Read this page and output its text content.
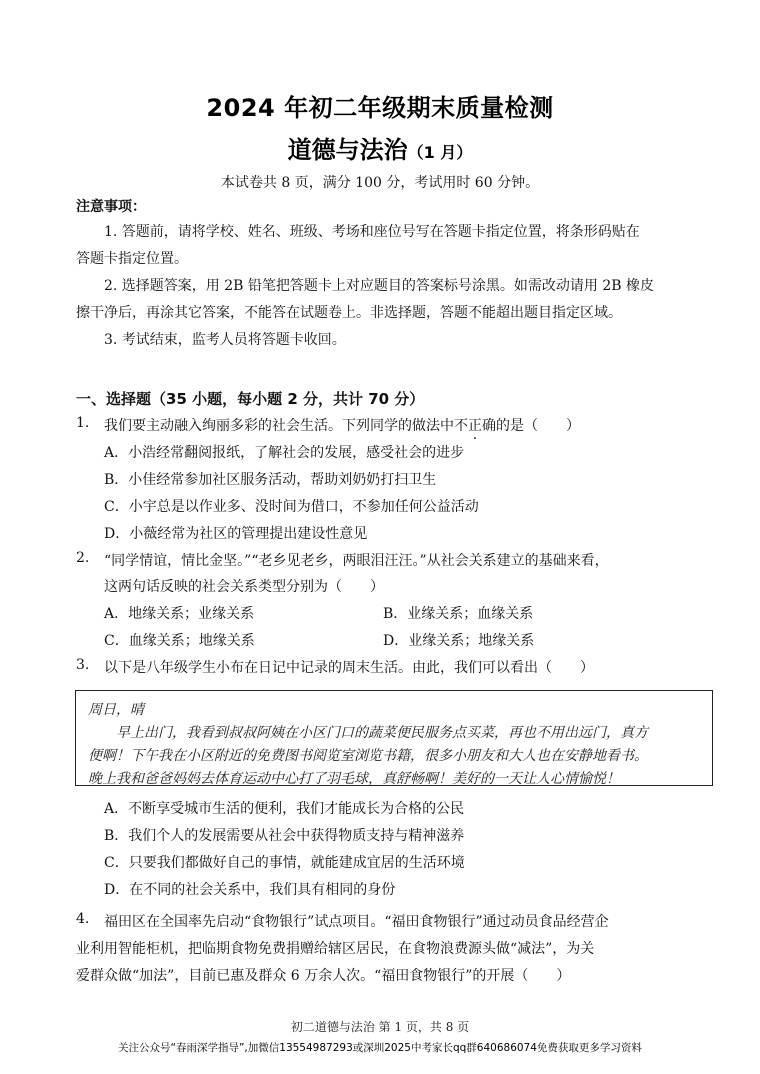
2024 年初二年级期末质量检测
道德与法治（1 月）
本试卷共 8 页，满分 100 分，考试用时 60 分钟。
注意事项：
1. 答题前，请将学校、姓名、班级、考场和座位号写在答题卡指定位置，将条形码贴在
答题卡指定位置。
2. 选择题答案，用 2B 铅笔把答题卡上对应题目的答案标号涂黑。如需改动请用 2B 橡皮
擦干净后，再涂其它答案，不能答在试题卷上。非选择题，答题不能超出题目指定区域。
3. 考试结束，监考人员将答题卡收回。
一、选择题（35 小题，每小题 2 分，共计 70 分）
1. 我们要主动融入绚丽多彩的社会生活。下列同学的做法中不正确的是（　　）
A．小浩经常翻阅报纸，了解社会的发展，感受社会的进步
B．小佳经常参加社区服务活动，帮助刘奶奶打扫卫生
C．小宇总是以作业多、没时间为借口，不参加任何公益活动
D．小薇经常为社区的管理提出建设性意见
2. “同学情谊，情比金坚。”“老乡见老乡，两眼泪汪汪。”从社会关系建立的基础来看，
这两句话反映的社会关系类型分别为（　　）
A．地缘关系；业缘关系	B．业缘关系；血缘关系
C．血缘关系；地缘关系	D．业缘关系；地缘关系
3. 以下是八年级学生小布在日记中记录的周末生活。由此，我们可以看出（　　）
周日，晴
早上出门，我看到叔叔阿姨在小区门口的蔬菜便民服务点买菜，再也不用出远门，真方
便啊！下午我在小区附近的免费图书阅览室浏览书籍，很多小朋友和大人也在安静地看书。
晚上我和爸爸妈妈去体育运动中心打了羽毛球，真舒畅啊！美好的一天让人心情愉悦！
A．不断享受城市生活的便利，我们才能成长为合格的公民
B．我们个人的发展需要从社会中获得物质支持与精神滋养
C．只要我们都做好自己的事情，就能建成宜居的生活环境
D．在不同的社会关系中，我们具有相同的身份
4. 福田区在全国率先启动“食物银行”试点项目。“福田食物银行”通过动员食品经营企
业利用智能柜机，把临期食物免费捐赠给辖区居民，在食物浪费源头做“减法”，为关
爱群众做“加法”，目前已惠及群众 6 万余人次。“福田食物银行”的开展（　　）
初二道德与法治 第 1 页，共 8 页
关注公众号“春雨深学指导”,加微信13554987293或深圳2025中考家长qq群640686074免费获取更多学习资料
